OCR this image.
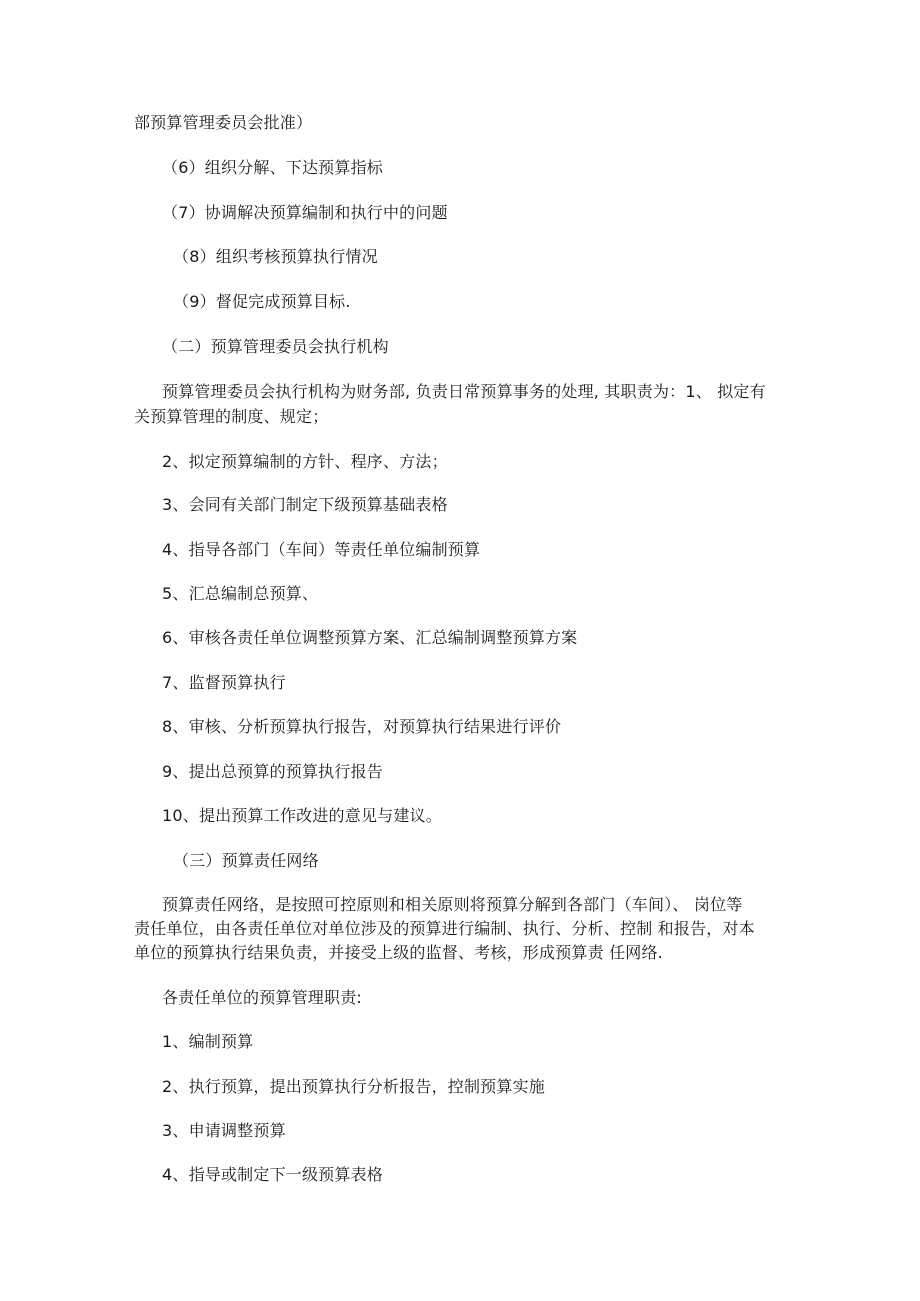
部预算管理委员会批准）
（6）组织分解、下达预算指标
（7）协调解决预算编制和执行中的问题
（8）组织考核预算执行情况
（9）督促完成预算目标.
（二）预算管理委员会执行机构
预算管理委员会执行机构为财务部, 负责日常预算事务的处理, 其职责为：1、 拟定有
关预算管理的制度、规定；
2、拟定预算编制的方针、程序、方法；
3、会同有关部门制定下级预算基础表格
4、指导各部门（车间）等责任单位编制预算
5、汇总编制总预算、
6、审核各责任单位调整预算方案、汇总编制调整预算方案
7、监督预算执行
8、审核、分析预算执行报告，对预算执行结果进行评价
9、提出总预算的预算执行报告
10、提出预算工作改进的意见与建议。
（三）预算责任网络
预算责任网络，是按照可控原则和相关原则将预算分解到各部门（车间）、 岗位等
责任单位，由各责任单位对单位涉及的预算进行编制、执行、分析、控制 和报告，对本
单位的预算执行结果负责，并接受上级的监督、考核，形成预算责 任网络.
各责任单位的预算管理职责:
1、编制预算
2、执行预算，提出预算执行分析报告，控制预算实施
3、申请调整预算
4、指导或制定下一级预算表格
